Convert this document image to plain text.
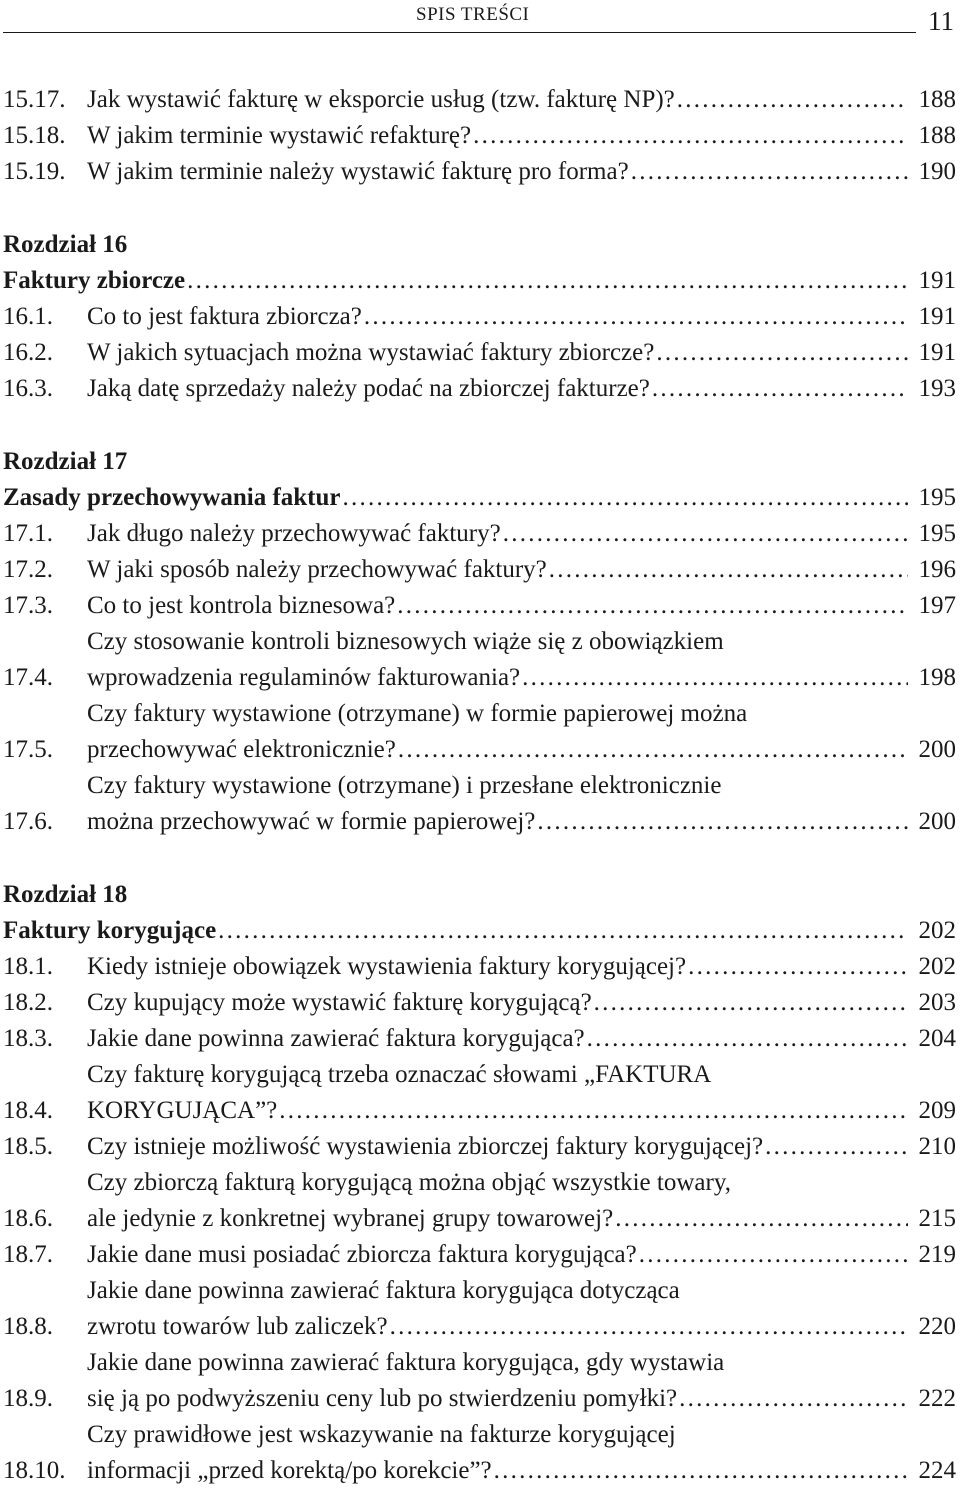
SPIS TREŚCI	11
15.17. Jak wystawić fakturę w eksporcie usług (tzw. fakturę NP)? . . .	188
15.18. W jakim terminie wystawić refakturę? . . .	188
15.19. W jakim terminie należy wystawić fakturę pro forma? . . .	190
Rozdział 16
Faktury zbiorcze . . .	191
16.1.	Co to jest faktura zbiorcza? . . .	191
16.2.	W jakich sytuacjach można wystawiać faktury zbiorcze? . . .	191
16.3.	Jaką datę sprzedaży należy podać na zbiorczej fakturze? . . .	193
Rozdział 17
Zasady przechowywania faktur . . .	195
17.1.	Jak długo należy przechowywać faktury? . . .	195
17.2.	W jaki sposób należy przechowywać faktury? . . .	196
17.3.	Co to jest kontrola biznesowa? . . .	197
17.4.
Czy stosowanie kontroli biznesowych wiąże się z obowiązkiem
wprowadzenia regulaminów fakturowania? . . .	198
17.5.
Czy faktury wystawione (otrzymane) w formie papierowej można
przechowywać elektronicznie? . . .	200
17.6.
Czy faktury wystawione (otrzymane) i przesłane elektronicznie
można przechowywać w formie papierowej? . . .	200
Rozdział 18
Faktury korygujące . . .	202
18.1.	Kiedy istnieje obowiązek wystawienia faktury korygującej? . . .	202
18.2.	Czy kupujący może wystawić fakturę korygującą? . . .	203
18.3.	Jakie dane powinna zawierać faktura korygująca? . . .	204
18.4.
Czy fakturę korygującą trzeba oznaczać słowami „FAKTURA
KORYGUJĄCA”? . . .	209
18.5.	Czy istnieje możliwość wystawienia zbiorczej faktury korygującej? . . .	210
18.6.
Czy zbiorczą fakturą korygującą można objąć wszystkie towary,
ale jedynie z konkretnej wybranej grupy towarowej? . . .	215
18.7.	Jakie dane musi posiadać zbiorcza faktura korygująca? . . .	219
18.8.
Jakie dane powinna zawierać faktura korygująca dotycząca
zwrotu towarów lub zaliczek? . . .	220
18.9.
Jakie dane powinna zawierać faktura korygująca, gdy wystawia
się ją po podwyższeniu ceny lub po stwierdzeniu pomyłki? . . .	222
18.10.
Czy prawidłowe jest wskazywanie na fakturze korygującej
informacji „przed korektą/po korekcie”? . . .	224
